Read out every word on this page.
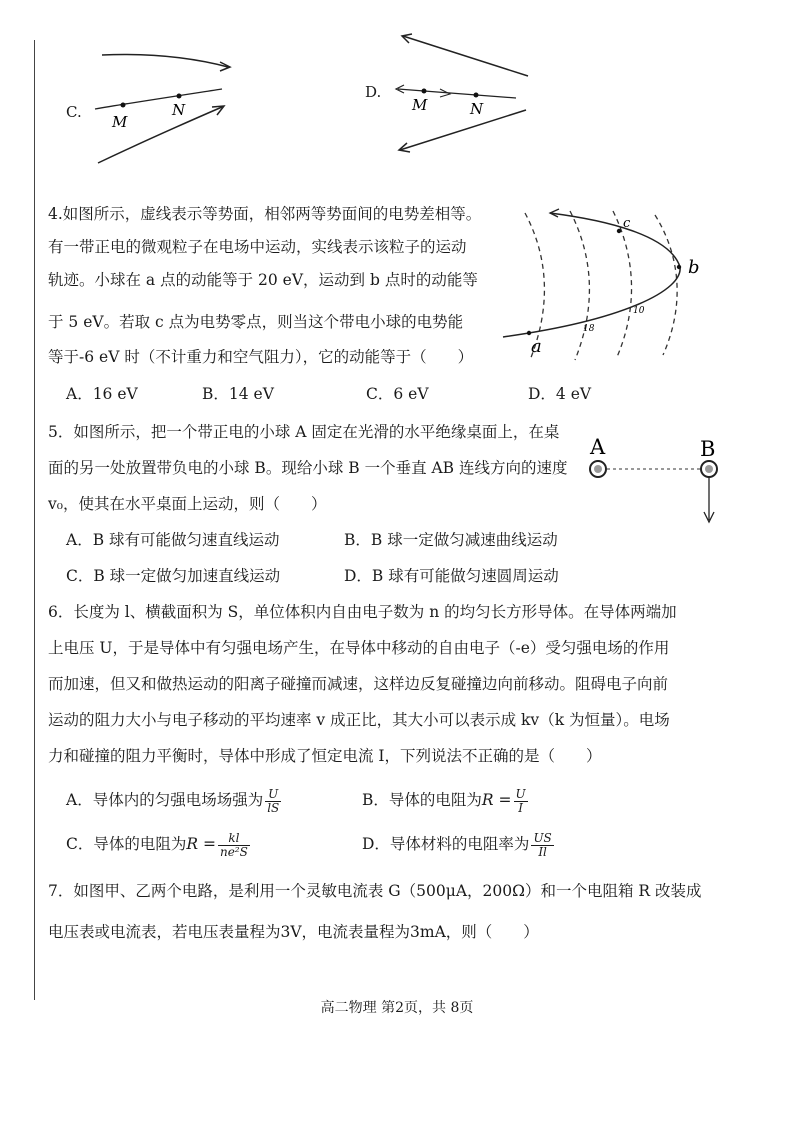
C.
M
N
D.
M	N
4.如图所示，虚线表示等势面，相邻两等势面间的电势差相等。
有一带正电的微观粒子在电场中运动，实线表示该粒子的运动
轨迹。小球在 a 点的动能等于 20 eV，运动到 b 点时的动能等
于 5 eV。若取 c 点为电势零点，则当这个带电小球的电势能
等于-6 eV 时（不计重力和空气阻力），它的动能等于（　　）
A．16 eV	B．14 eV	C．6 eV	D．4 eV
c
b
a
18
10
5．如图所示，把一个带正电的小球 A 固定在光滑的水平绝缘桌面上，在桌
面的另一处放置带负电的小球 B。现给小球 B 一个垂直 AB 连线方向的速度
v₀，使其在水平桌面上运动，则（　　）
A．B 球有可能做匀速直线运动	B．B 球一定做匀减速曲线运动
C．B 球一定做匀加速直线运动	D．B 球有可能做匀速圆周运动
A	B
6．长度为 l、横截面积为 S，单位体积内自由电子数为 n 的均匀长方形导体。在导体两端加
上电压 U，于是导体中有匀强电场产生，在导体中移动的自由电子（-e）受匀强电场的作用
而加速，但又和做热运动的阳离子碰撞而减速，这样边反复碰撞边向前移动。阻碍电子向前
运动的阻力大小与电子移动的平均速率 v 成正比，其大小可以表示成 kv（k 为恒量）。电场
力和碰撞的阻力平衡时，导体中形成了恒定电流 I，下列说法不正确的是（　　）
A．导体内的匀强电场场强为 $\frac{U}{lS}$	B．导体的电阻为$R = \frac{U}{I}$
C．导体的电阻为$R = \frac{kl}{\text{ne²S}}$	D．导体材料的电阻率为 $\frac{US}{Il}$
7．如图甲、乙两个电路，是利用一个灵敏电流表 G（500μA，200Ω）和一个电阻箱 R 改装成
电压表或电流表，若电压表量程为3V，电流表量程为3mA，则（　　）
高二物理 第2页，共 8页
